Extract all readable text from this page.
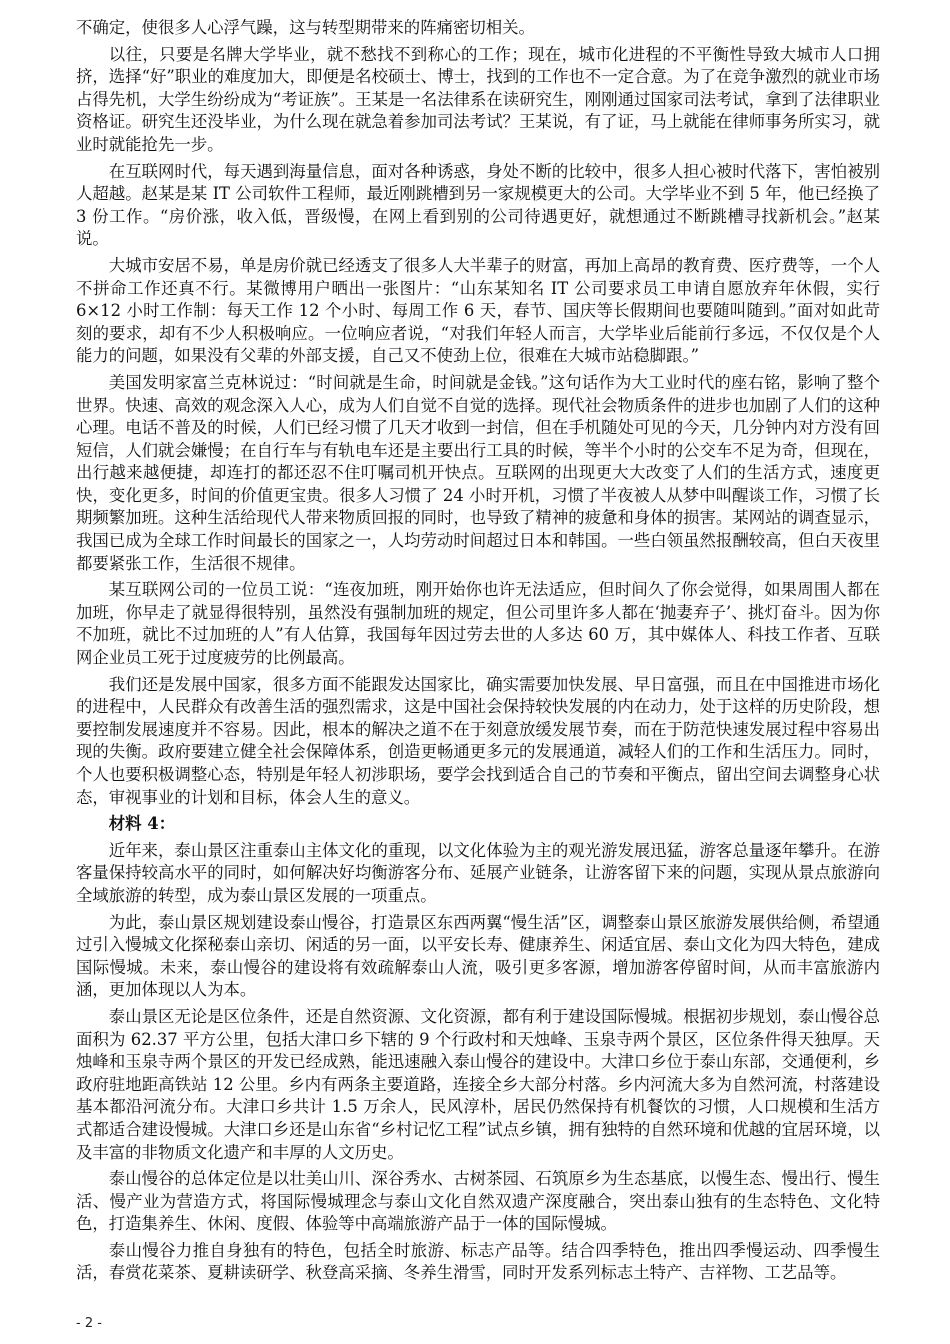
不确定，使很多人心浮气躁，这与转型期带来的阵痛密切相关。

以往，只要是名牌大学毕业，就不愁找不到称心的工作；现在，城市化进程的不平衡性导致大城市人口拥挤，选择“好”职业的难度加大，即便是名校硕士、博士，找到的工作也不一定合意。为了在竞争激烈的就业市场占得先机，大学生纷纷成为“考证族”。王某是一名法律系在读研究生，刚刚通过国家司法考试，拿到了法律职业资格证。研究生还没毕业，为什么现在就急着参加司法考试？王某说，有了证，马上就能在律师事务所实习，就业时就能抢先一步。

在互联网时代，每天遇到海量信息，面对各种诱惑，身处不断的比较中，很多人担心被时代落下，害怕被别人超越。赵某是某 IT 公司软件工程师，最近刚跳槽到另一家规模更大的公司。大学毕业不到 5 年，他已经换了 3 份工作。“房价涨，收入低，晋级慢，在网上看到别的公司待遇更好，就想通过不断跳槽寻找新机会。”赵某说。

大城市安居不易，单是房价就已经透支了很多人大半辈子的财富，再加上高昂的教育费、医疗费等，一个人不拼命工作还真不行。某微博用户晒出一张图片：“山东某知名 IT 公司要求员工申请自愿放弃年休假，实行 6×12 小时工作制：每天工作 12 个小时、每周工作 6 天，春节、国庆等长假期间也要随叫随到。”面对如此苛刻的要求，却有不少人积极响应。一位响应者说，“对我们年轻人而言，大学毕业后能前行多远，不仅仅是个人能力的问题，如果没有父辈的外部支援，自己又不使劲上位，很难在大城市站稳脚跟。”

美国发明家富兰克林说过：“时间就是生命，时间就是金钱。”这句话作为大工业时代的座右铭，影响了整个世界。快速、高效的观念深入人心，成为人们自觉不自觉的选择。现代社会物质条件的进步也加剧了人们的这种心理。电话不普及的时候，人们已经习惯了几天才收到一封信，但在手机随处可见的今天，几分钟内对方没有回短信，人们就会嫌慢；在自行车与有轨电车还是主要出行工具的时候，等半个小时的公交车不足为奇，但现在，出行越来越便捷，却连打的都还忍不住叮嘱司机开快点。互联网的出现更大大改变了人们的生活方式，速度更快，变化更多，时间的价值更宝贵。很多人习惯了 24 小时开机，习惯了半夜被人从梦中叫醒谈工作，习惯了长期频繁加班。这种生活给现代人带来物质回报的同时，也导致了精神的疲惫和身体的损害。某网站的调查显示，我国已成为全球工作时间最长的国家之一，人均劳动时间超过日本和韩国。一些白领虽然报酬较高，但白天夜里都要紧张工作，生活很不规律。

某互联网公司的一位员工说：“连夜加班，刚开始你也许无法适应，但时间久了你会觉得，如果周围人都在加班，你早走了就显得很特别，虽然没有强制加班的规定，但公司里许多人都在‘抛妻弃子’、挑灯奋斗。因为你不加班，就比不过加班的人”有人估算，我国每年因过劳去世的人多达 60 万，其中媒体人、科技工作者、互联网企业员工死于过度疲劳的比例最高。

我们还是发展中国家，很多方面不能跟发达国家比，确实需要加快发展、早日富强，而且在中国推进市场化的进程中，人民群众有改善生活的强烈需求，这是中国社会保持较快发展的内在动力，处于这样的历史阶段，想要控制发展速度并不容易。因此，根本的解决之道不在于刻意放缓发展节奏，而在于防范快速发展过程中容易出现的失衡。政府要建立健全社会保障体系，创造更畅通更多元的发展通道，减轻人们的工作和生活压力。同时，个人也要积极调整心态，特别是年轻人初涉职场，要学会找到适合自己的节奏和平衡点，留出空间去调整身心状态，审视事业的计划和目标，体会人生的意义。

材料 4：

近年来，泰山景区注重泰山主体文化的重现，以文化体验为主的观光游发展迅猛，游客总量逐年攀升。在游客量保持较高水平的同时，如何解决好均衡游客分布、延展产业链条，让游客留下来的问题，实现从景点旅游向全域旅游的转型，成为泰山景区发展的一项重点。

为此，泰山景区规划建设泰山慢谷，打造景区东西两翼“慢生活”区，调整泰山景区旅游发展供给侧，希望通过引入慢城文化探秘泰山亲切、闲适的另一面，以平安长寿、健康养生、闲适宜居、泰山文化为四大特色，建成国际慢城。未来，泰山慢谷的建设将有效疏解泰山人流，吸引更多客源，增加游客停留时间，从而丰富旅游内涵，更加体现以人为本。

泰山景区无论是区位条件，还是自然资源、文化资源，都有利于建设国际慢城。根据初步规划，泰山慢谷总面积为 62.37 平方公里，包括大津口乡下辖的 9 个行政村和天烛峰、玉泉寺两个景区，区位条件得天独厚。天烛峰和玉泉寺两个景区的开发已经成熟，能迅速融入泰山慢谷的建设中。大津口乡位于泰山东部，交通便利，乡政府驻地距高铁站 12 公里。乡内有两条主要道路，连接全乡大部分村落。乡内河流大多为自然河流，村落建设基本都沿河流分布。大津口乡共计 1.5 万余人，民风淳朴，居民仍然保持有机餐饮的习惯，人口规模和生活方式都适合建设慢城。大津口乡还是山东省“乡村记忆工程”试点乡镇，拥有独特的自然环境和优越的宜居环境，以及丰富的非物质文化遗产和丰厚的人文历史。

泰山慢谷的总体定位是以壮美山川、深谷秀水、古树茶园、石筑原乡为生态基底，以慢生态、慢出行、慢生活、慢产业为营造方式，将国际慢城理念与泰山文化自然双遗产深度融合，突出泰山独有的生态特色、文化特色，打造集养生、休闲、度假、体验等中高端旅游产品于一体的国际慢城。

泰山慢谷力推自身独有的特色，包括全时旅游、标志产品等。结合四季特色，推出四季慢运动、四季慢生活，春赏花菜茶、夏耕读研学、秋登高采摘、冬养生滑雪，同时开发系列标志土特产、吉祥物、工艺品等。

- 2 -
